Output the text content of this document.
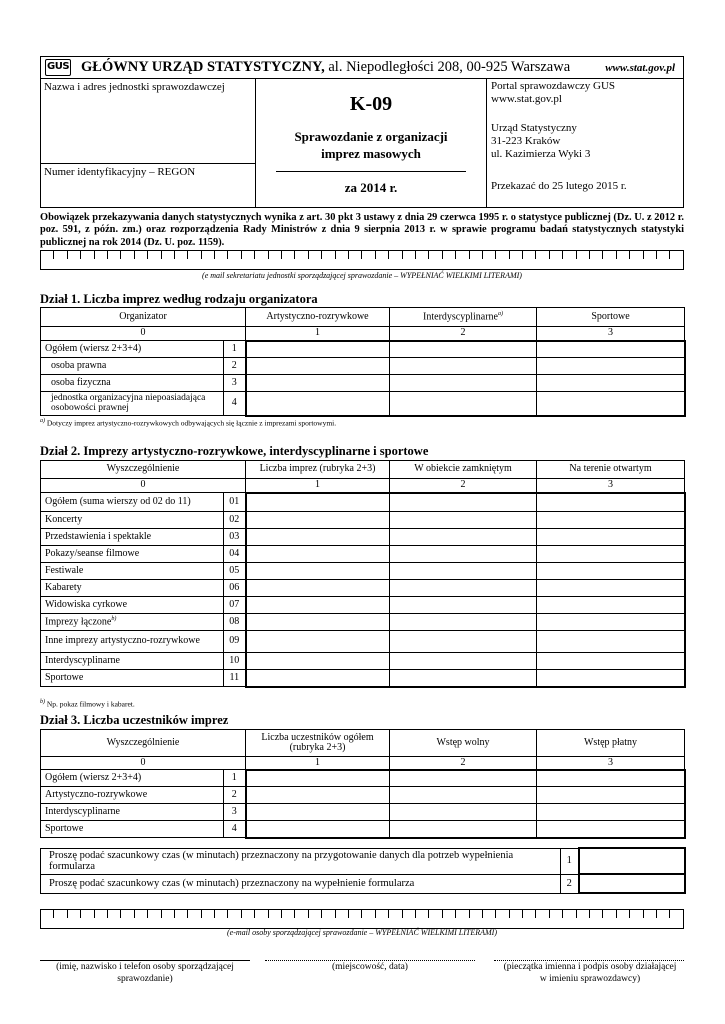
GUS GŁÓWNY URZĄD STATYSTYCZNY, al. Niepodległości 208, 00-925 Warszawa	www.stat.gov.pl
Nazwa i adres jednostki sprawozdawczej
Numer identyfikacyjny – REGON
K-09
Sprawozdanie z organizacji imprez masowych
za 2014 r.
Portal sprawozdawczy GUS
www.stat.gov.pl
Urząd Statystyczny
31-223 Kraków
ul. Kazimierza Wyki 3
Przekazać do 25 lutego 2015 r.
Obowiązek przekazywania danych statystycznych wynika z art. 30 pkt 3 ustawy z dnia 29 czerwca 1995 r. o statystyce publicznej (Dz. U. z 2012 r. poz. 591, z późn. zm.) oraz rozporządzenia Rady Ministrów z dnia 9 sierpnia 2013 r. w sprawie programu badań statystycznych statystyki publicznej na rok 2014 (Dz. U. poz. 1159).
(e mail sekretariatu jednostki sporządzającej sprawozdanie – WYPEŁNIAĆ WIELKIMI LITERAMI)
Dział 1. Liczba imprez według rodzaju organizatora
Organizator		Artystyczno-rozrywkowe	Interdyscyplinarne$^{a)}$	Sportowe
0		1	2	3
Ogółem (wiersz 2+3+4)	1			
osoba prawna	2			
osoba fizyczna	3			
jednostka organizacyjna niepoasiadająca osobowości prawnej	4			
$^{a)}$ Dotyczy imprez artystyczno-rozrywkowych odbywających się łącznie z imprezami sportowymi.
Dział 2. Imprezy artystyczno-rozrywkowe, interdyscyplinarne i sportowe
Wyszczególnienie		Liczba imprez (rubryka 2+3)	W obiekcie zamkniętym	Na terenie otwartym
0		1	2	3
Ogółem (suma wierszy od 02 do 11)	01			
Koncerty	02			
Przedstawienia i spektakle	03			
Pokazy/seanse filmowe	04			
Festiwale	05			
Kabarety	06			
Widowiska cyrkowe	07			
Imprezy łączone$^{b)}$	08			
Inne imprezy artystyczno-rozrywkowe	09			
Interdyscyplinarne	10			
Sportowe	11			
$^{b)}$ Np. pokaz filmowy i kabaret.
Dział 3. Liczba uczestników imprez
Wyszczególnienie		Liczba uczestników ogółem (rubryka 2+3)	Wstęp wolny	Wstęp płatny
0		1	2	3
Ogółem (wiersz 2+3+4)	1			
Artystyczno-rozrywkowe	2			
Interdyscyplinarne	3			
Sportowe	4			
Proszę podać szacunkowy czas (w minutach) przeznaczony na przygotowanie danych dla potrzeb wypełnienia formularza	1	
Proszę podać szacunkowy czas (w minutach) przeznaczony na wypełnienie formularza	2	
(e-mail osoby sporządzającej sprawozdanie – WYPEŁNIAĆ WIELKIMI LITERAMI)
(imię, nazwisko i telefon osoby sporządzającej sprawozdanie)
(miejscowość, data)	(pieczątka imienna i podpis osoby działającej w imieniu sprawozdawcy)
